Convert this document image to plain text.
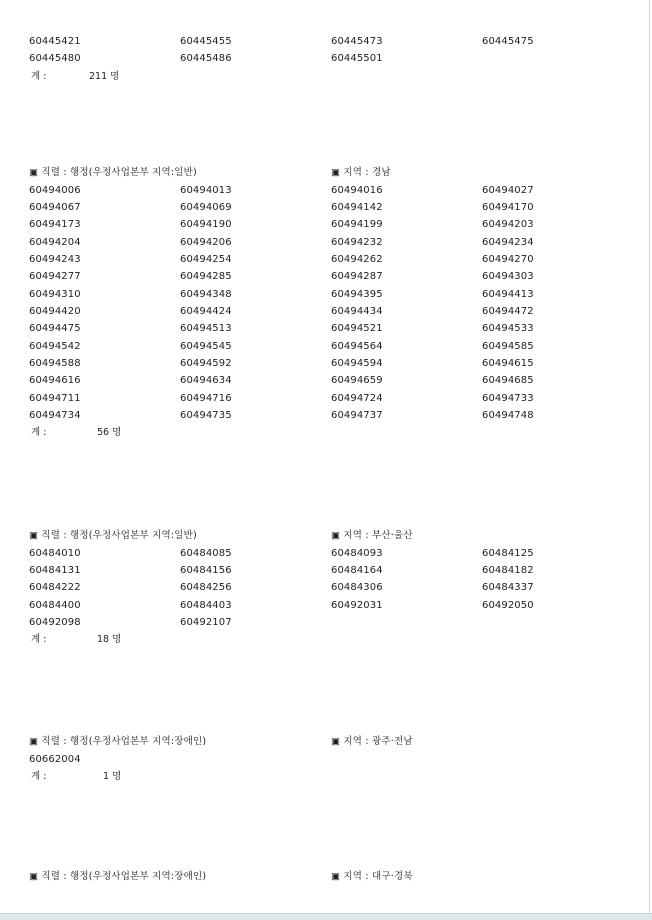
60445421	60445455	60445473	60445475
60445480	60445486	60445501
계 :	211 명
▣ 직렬 : 행정(우정사업본부 지역:일반)	▣ 지역 : 경남
60494006	60494013	60494016	60494027
60494067	60494069	60494142	60494170
60494173	60494190	60494199	60494203
60494204	60494206	60494232	60494234
60494243	60494254	60494262	60494270
60494277	60494285	60494287	60494303
60494310	60494348	60494395	60494413
60494420	60494424	60494434	60494472
60494475	60494513	60494521	60494533
60494542	60494545	60494564	60494585
60494588	60494592	60494594	60494615
60494616	60494634	60494659	60494685
60494711	60494716	60494724	60494733
60494734	60494735	60494737	60494748
계 :	56 명
▣ 직렬 : 행정(우정사업본부 지역:일반)	▣ 지역 : 부산·울산
60484010	60484085	60484093	60484125
60484131	60484156	60484164	60484182
60484222	60484256	60484306	60484337
60484400	60484403	60492031	60492050
60492098	60492107
계 :	18 명
▣ 직렬 : 행정(우정사업본부 지역:장애인)	▣ 지역 : 광주·전남
60662004
계 :	1 명
▣ 직렬 : 행정(우정사업본부 지역:장애인)	▣ 지역 : 대구·경북
